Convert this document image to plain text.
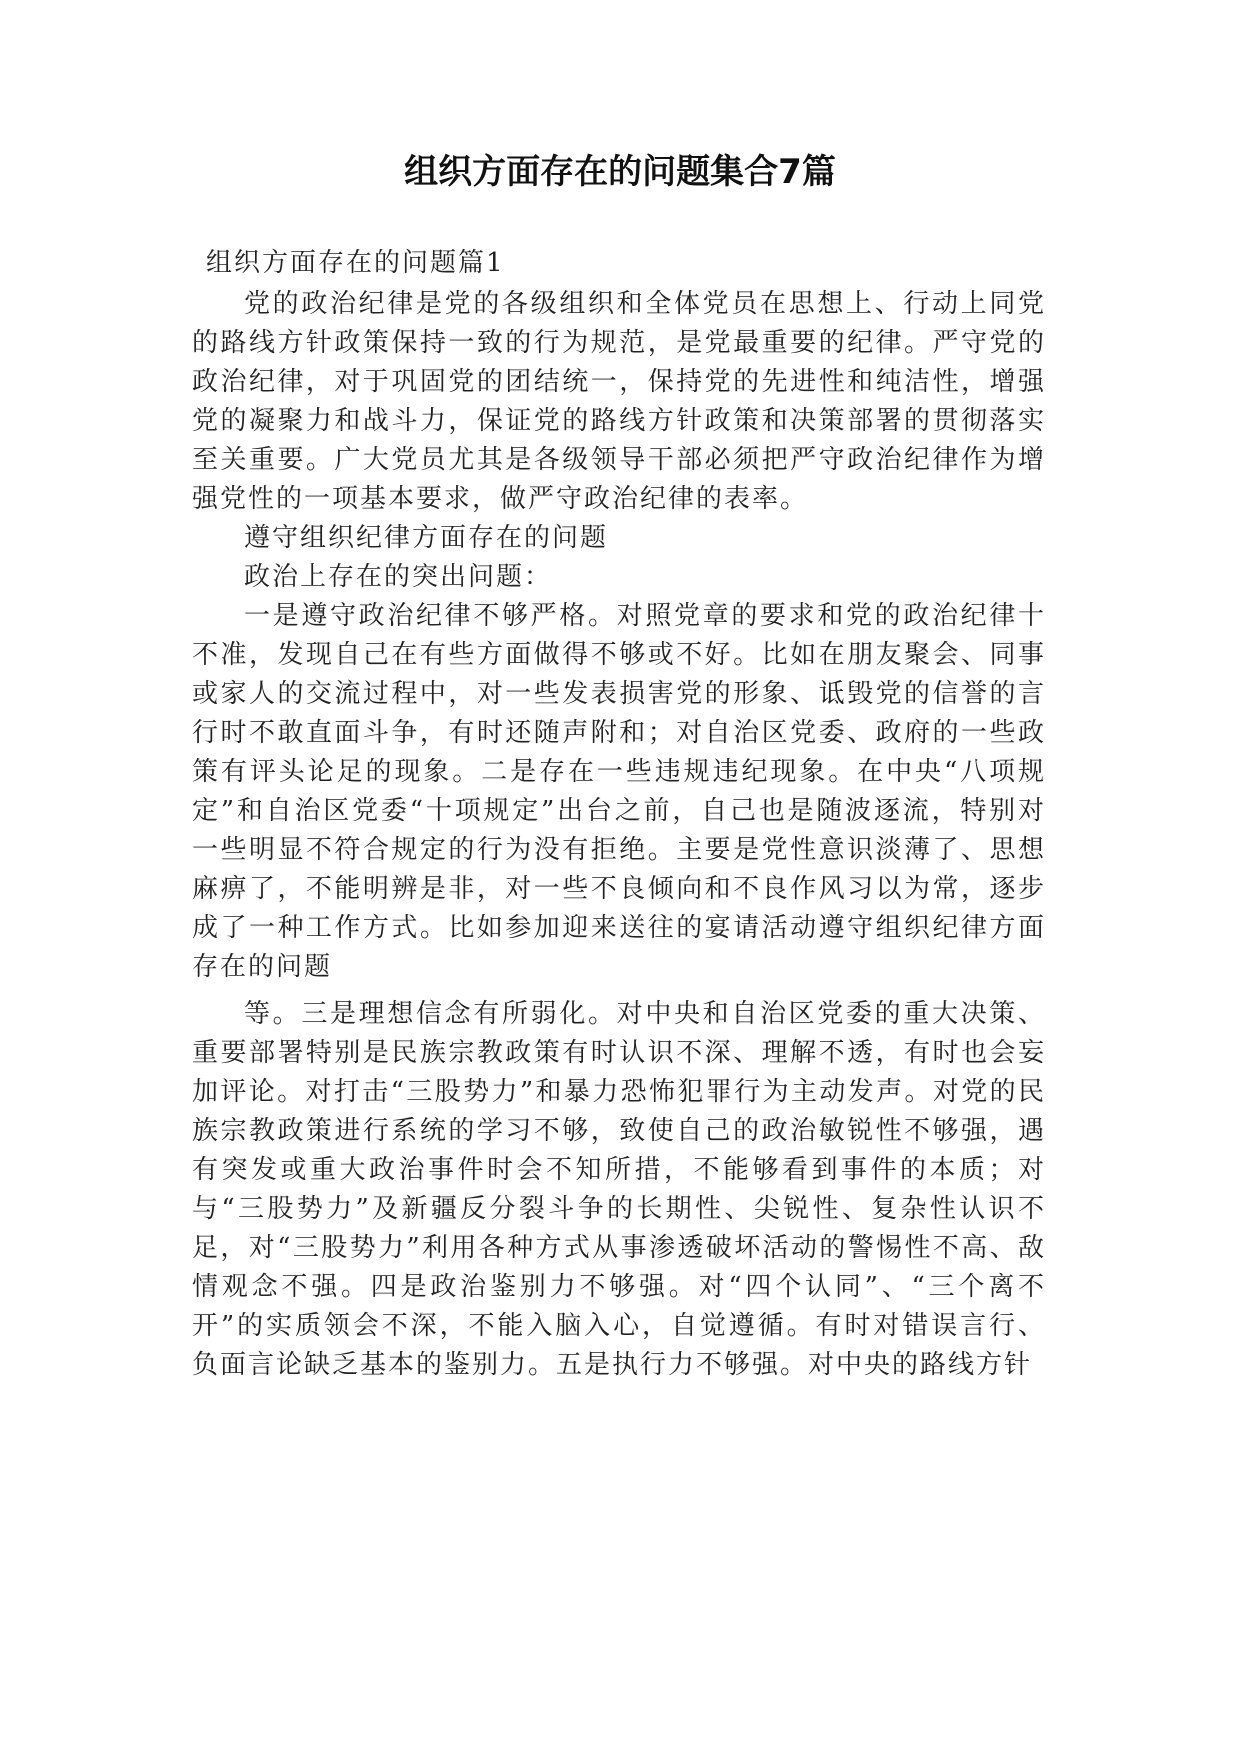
组织方面存在的问题集合7篇

组织方面存在的问题篇1

党的政治纪律是党的各级组织和全体党员在思想上、行动上同党的路线方针政策保持一致的行为规范，是党最重要的纪律。严守党的政治纪律，对于巩固党的团结统一，保持党的先进性和纯洁性，增强党的凝聚力和战斗力，保证党的路线方针政策和决策部署的贯彻落实至关重要。广大党员尤其是各级领导干部必须把严守政治纪律作为增强党性的一项基本要求，做严守政治纪律的表率。

遵守组织纪律方面存在的问题

政治上存在的突出问题：

一是遵守政治纪律不够严格。对照党章的要求和党的政治纪律十不准，发现自己在有些方面做得不够或不好。比如在朋友聚会、同事或家人的交流过程中，对一些发表损害党的形象、诋毁党的信誉的言行时不敢直面斗争，有时还随声附和；对自治区党委、政府的一些政策有评头论足的现象。二是存在一些违规违纪现象。在中央“八项规定”和自治区党委“十项规定”出台之前，自己也是随波逐流，特别对一些明显不符合规定的行为没有拒绝。主要是党性意识淡薄了、思想麻痹了，不能明辨是非，对一些不良倾向和不良作风习以为常，逐步成了一种工作方式。比如参加迎来送往的宴请活动遵守组织纪律方面存在的问题

等。三是理想信念有所弱化。对中央和自治区党委的重大决策、重要部署特别是民族宗教政策有时认识不深、理解不透，有时也会妄加评论。对打击“三股势力”和暴力恐怖犯罪行为主动发声。对党的民族宗教政策进行系统的学习不够，致使自己的政治敏锐性不够强，遇有突发或重大政治事件时会不知所措，不能够看到事件的本质；对与“三股势力”及新疆反分裂斗争的长期性、尖锐性、复杂性认识不足，对“三股势力”利用各种方式从事渗透破坏活动的警惕性不高、敌情观念不强。四是政治鉴别力不够强。对“四个认同”、“三个离不开”的实质领会不深，不能入脑入心，自觉遵循。有时对错误言行、负面言论缺乏基本的鉴别力。五是执行力不够强。对中央的路线方针
